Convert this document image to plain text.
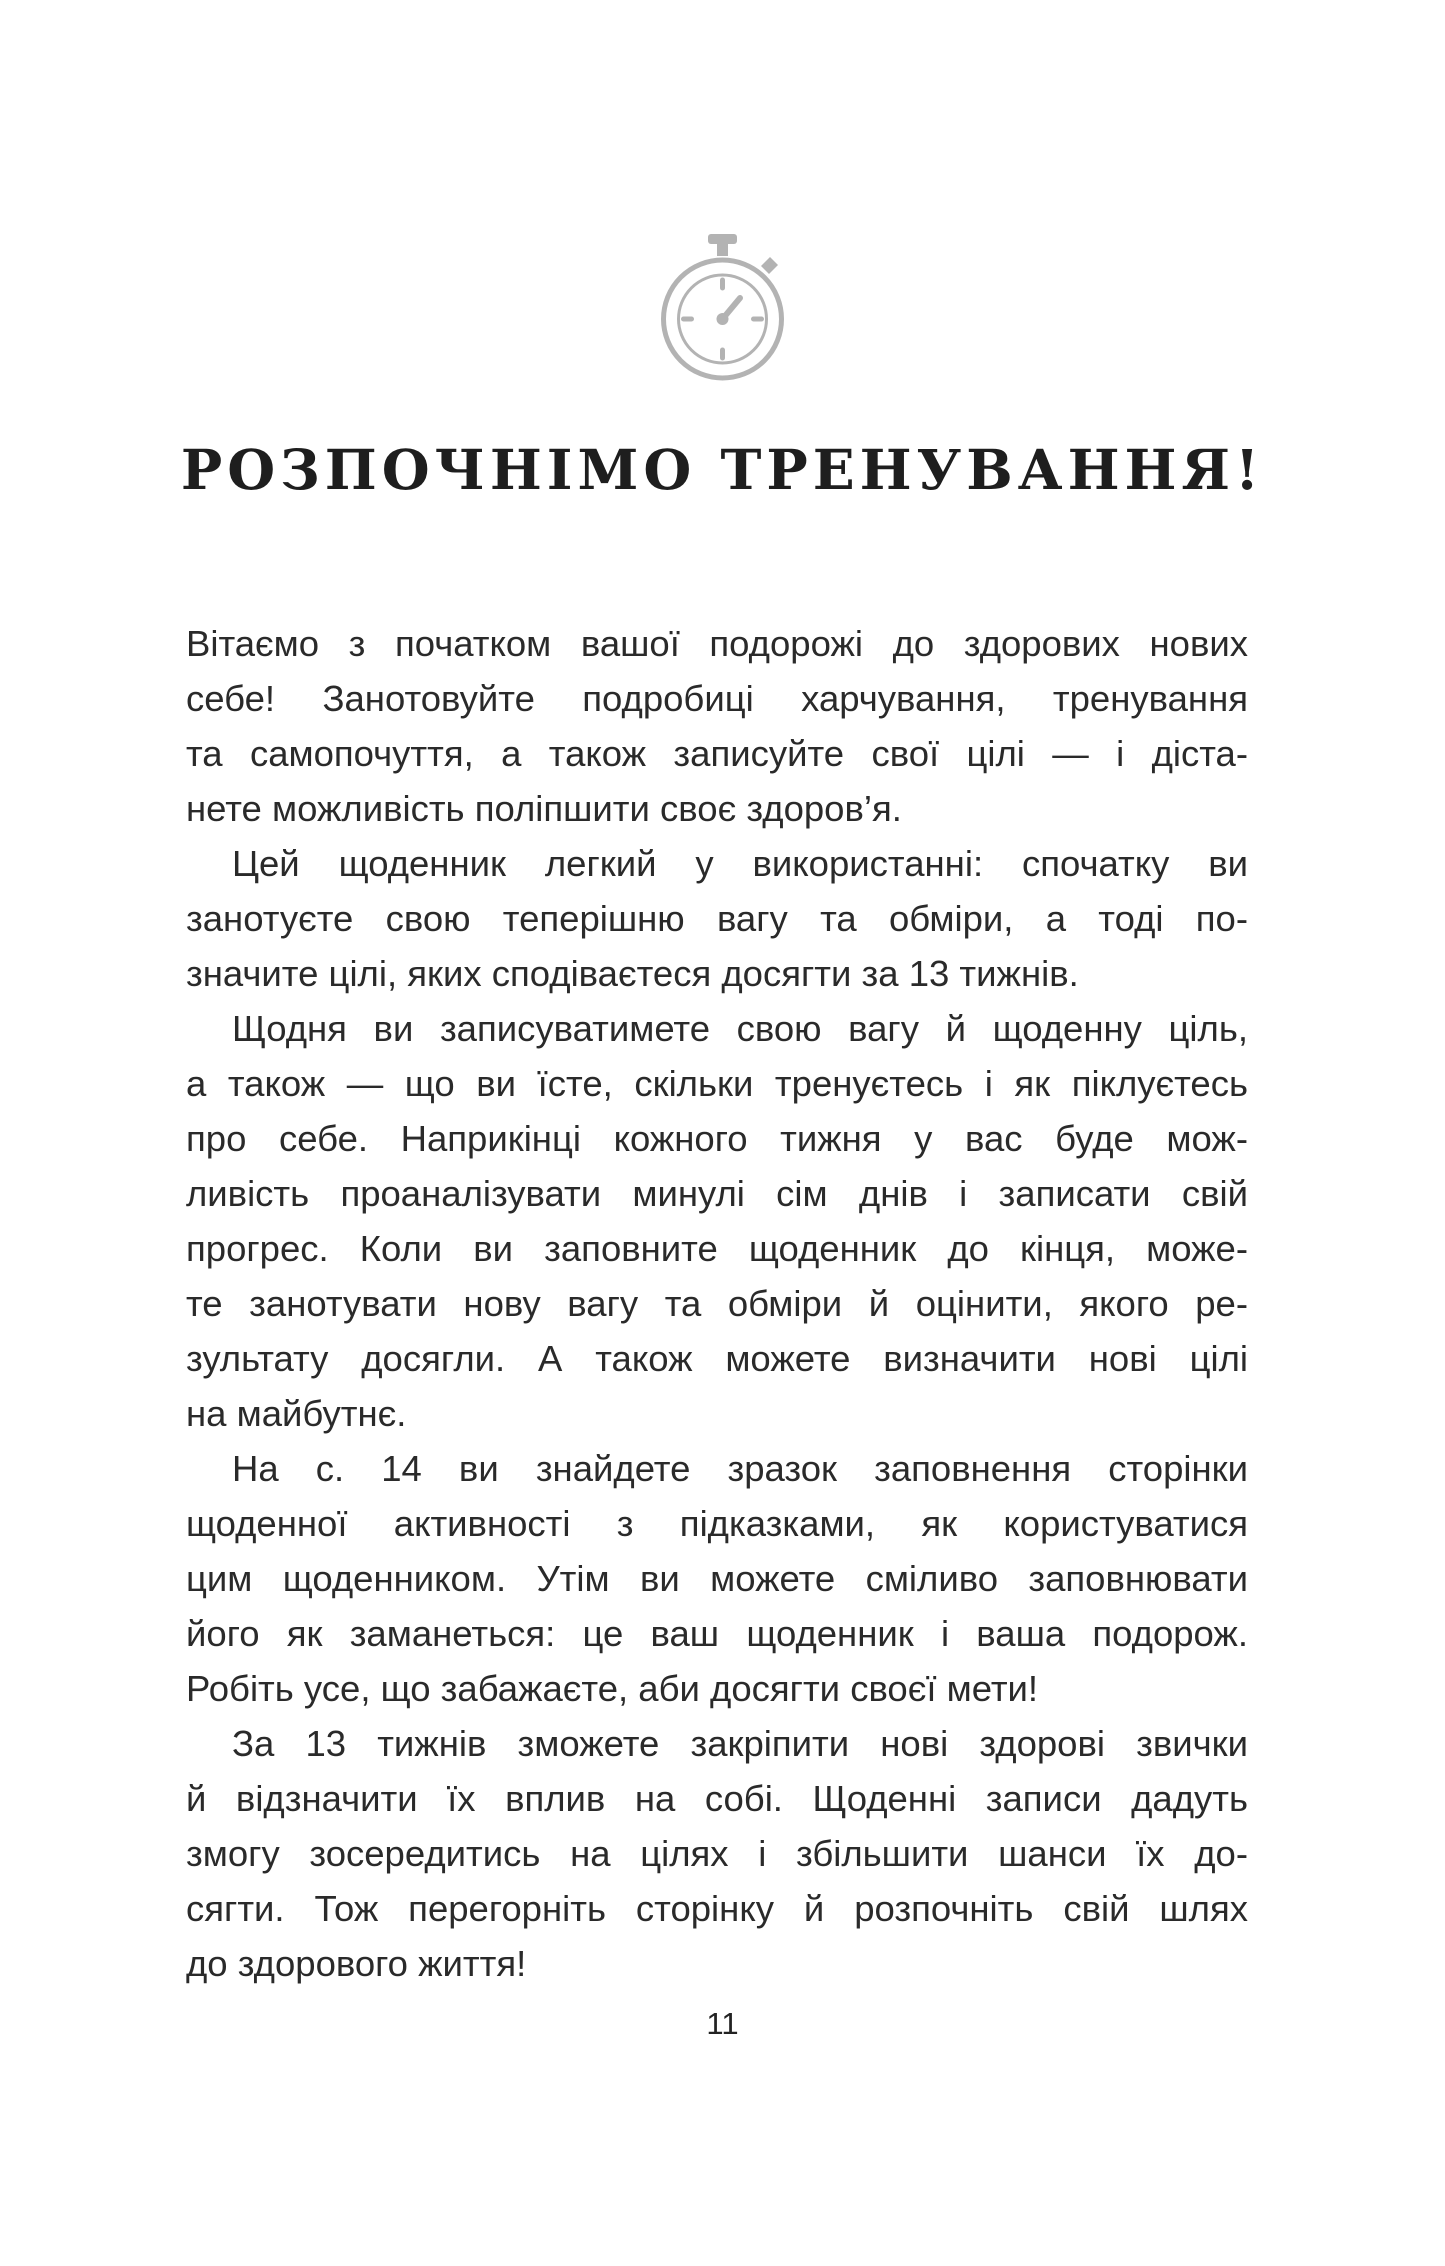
РОЗПОЧНІМО ТРЕНУВАННЯ!

Вітаємо з початком вашої подорожі до здорових нових
себе! Занотовуйте подробиці харчування, тренування
та самопочуття, а також записуйте свої цілі — і діста-
нете можливість поліпшити своє здоров’я.

Цей щоденник легкий у використанні: спочатку ви
занотуєте свою теперішню вагу та обміри, а тоді по-
значите цілі, яких сподіваєтеся досягти за 13 тижнів.

Щодня ви записуватимете свою вагу й щоденну ціль,
а також — що ви їсте, скільки тренуєтесь і як піклуєтесь
про себе. Наприкінці кожного тижня у вас буде мож-
ливість проаналізувати минулі сім днів і записати свій
прогрес. Коли ви заповните щоденник до кінця, може-
те занотувати нову вагу та обміри й оцінити, якого ре-
зультату досягли. А також можете визначити нові цілі
на майбутнє.

На с. 14 ви знайдете зразок заповнення сторінки
щоденної активності з підказками, як користуватися
цим щоденником. Утім ви можете сміливо заповнювати
його як заманеться: це ваш щоденник і ваша подорож.
Робіть усе, що забажаєте, аби досягти своєї мети!

За 13 тижнів зможете закріпити нові здорові звички
й відзначити їх вплив на собі. Щоденні записи дадуть
змогу зосередитись на цілях і збільшити шанси їх до-
сягти. Тож перегорніть сторінку й розпочніть свій шлях
до здорового життя!

11
